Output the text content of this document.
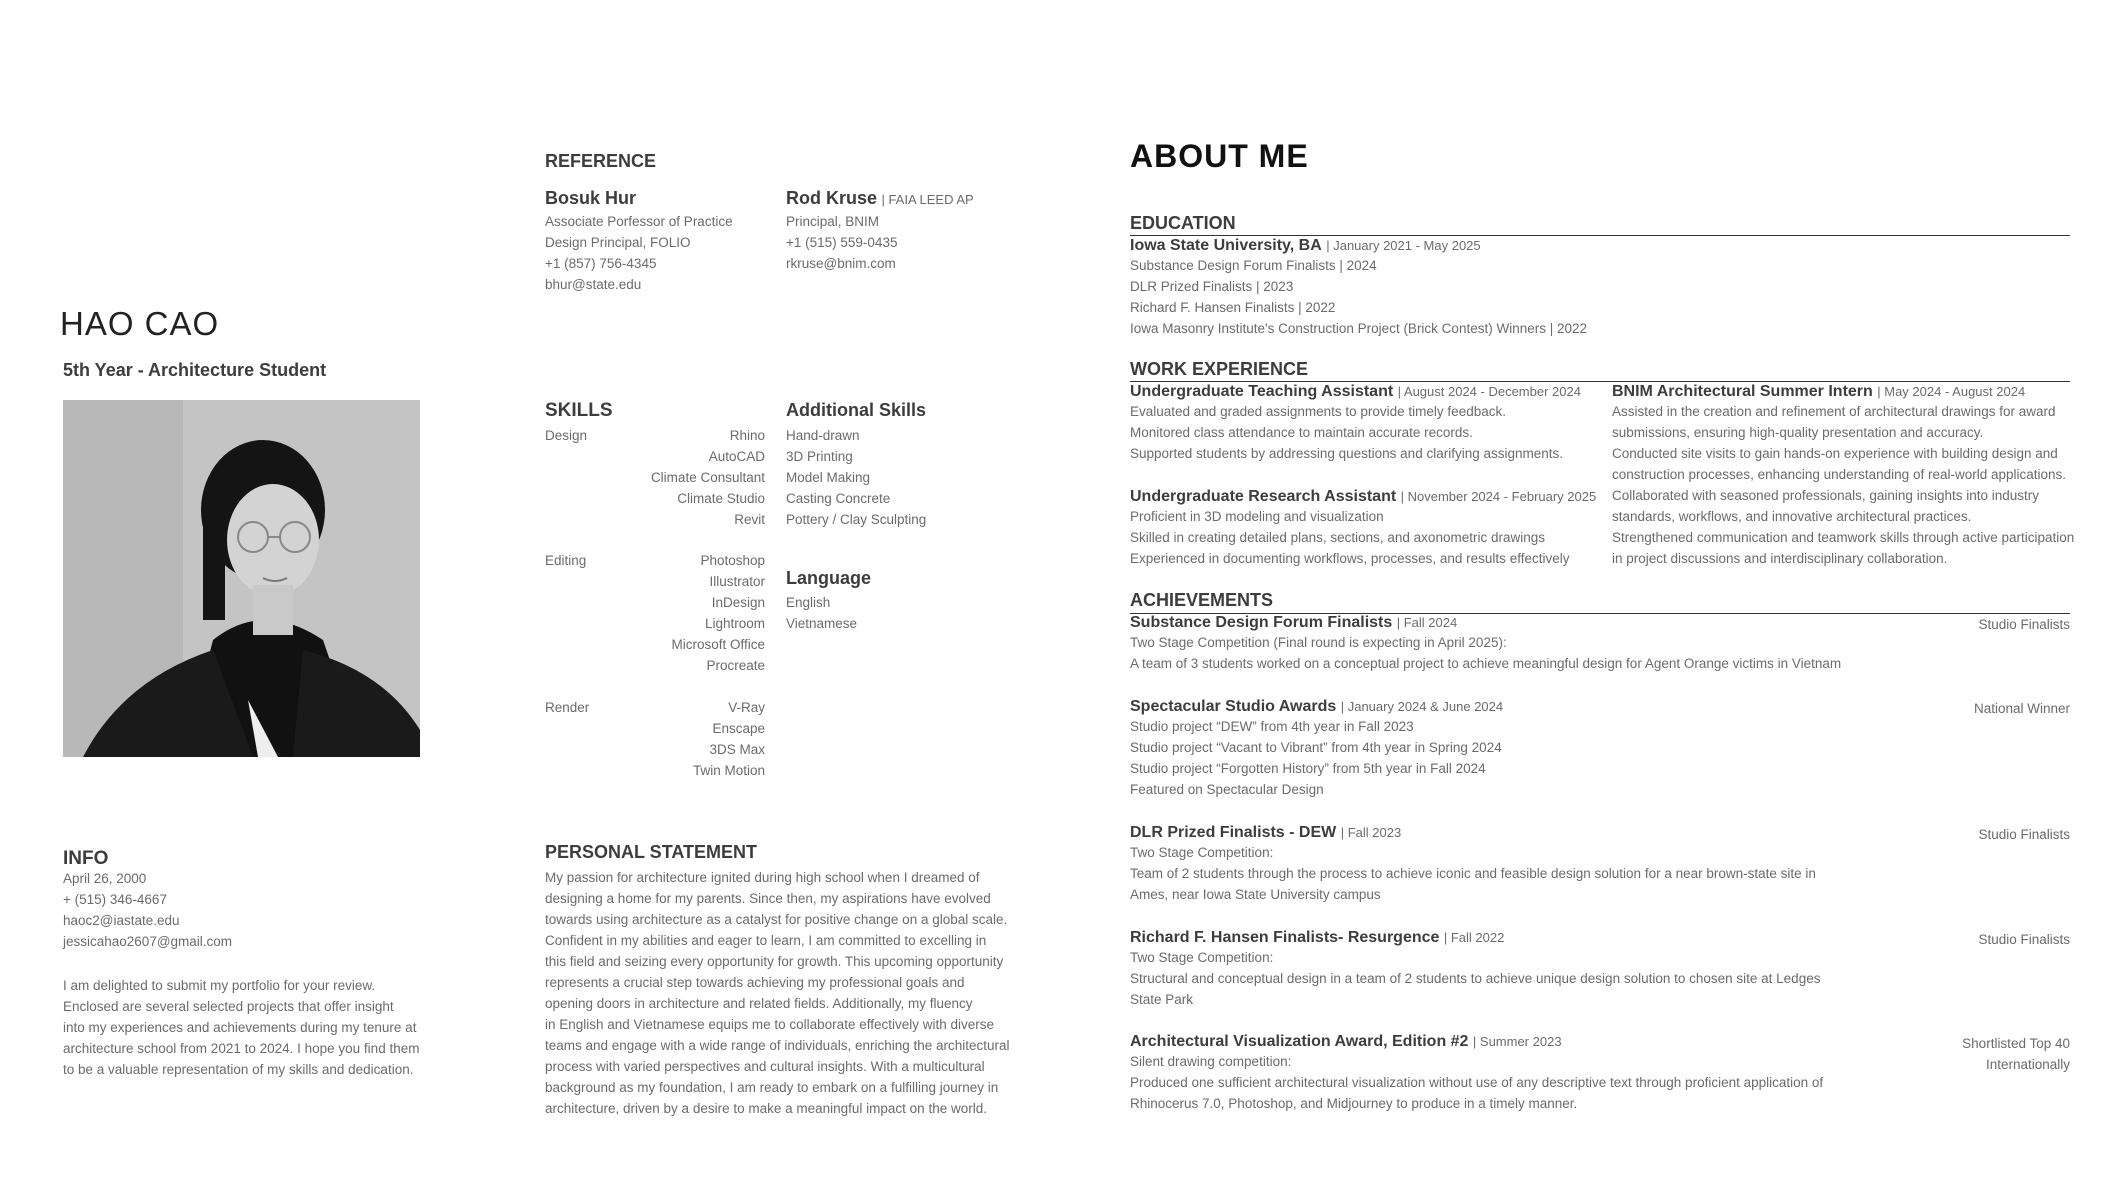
HAO CAO
5th Year - Architecture Student
INFO
April 26, 2000
+ (515) 346-4667
haoc2@iastate.edu
jessicahao2607@gmail.com
I am delighted to submit my portfolio for your review.
Enclosed are several selected projects that offer insight
into my experiences and achievements during my tenure at
architecture school from 2021 to 2024. I hope you find them
to be a valuable representation of my skills and dedication.
REFERENCE
Bosuk Hur
Associate Porfessor of Practice
Design Principal, FOLIO
+1 (857) 756-4345
bhur@state.edu
Rod Kruse | FAIA LEED AP
Principal, BNIM
+1 (515) 559-0435
rkruse@bnim.com
SKILLS
Design	Rhino
AutoCAD
Climate Consultant
Climate Studio
Revit
Editing	Photoshop
Illustrator
InDesign
Lightroom
Microsoft Office
Procreate
Render	V-Ray
Enscape
3DS Max
Twin Motion
Additional Skills
Hand-drawn
3D Printing
Model Making
Casting Concrete
Pottery / Clay Sculpting
Language
English
Vietnamese
PERSONAL STATEMENT
My passion for architecture ignited during high school when I dreamed of
designing a home for my parents. Since then, my aspirations have evolved
towards using architecture as a catalyst for positive change on a global scale.
Confident in my abilities and eager to learn, I am committed to excelling in
this field and seizing every opportunity for growth. This upcoming opportunity
represents a crucial step towards achieving my professional goals and
opening doors in architecture and related fields. Additionally, my fluency
in English and Vietnamese equips me to collaborate effectively with diverse
teams and engage with a wide range of individuals, enriching the architectural
process with varied perspectives and cultural insights. With a multicultural
background as my foundation, I am ready to embark on a fulfilling journey in
architecture, driven by a desire to make a meaningful impact on the world.
ABOUT ME
EDUCATION
Iowa State University, BA | January 2021 - May 2025
Substance Design Forum Finalists | 2024
DLR Prized Finalists | 2023
Richard F. Hansen Finalists | 2022
Iowa Masonry Institute's Construction Project (Brick Contest) Winners | 2022
WORK EXPERIENCE
Undergraduate Teaching Assistant | August 2024 - December 2024
Evaluated and graded assignments to provide timely feedback.
Monitored class attendance to maintain accurate records.
Supported students by addressing questions and clarifying assignments.
Undergraduate Research Assistant | November 2024 - February 2025
Proficient in 3D modeling and visualization
Skilled in creating detailed plans, sections, and axonometric drawings
Experienced in documenting workflows, processes, and results effectively
BNIM Architectural Summer Intern | May 2024 - August 2024
Assisted in the creation and refinement of architectural drawings for award
submissions, ensuring high-quality presentation and accuracy.
Conducted site visits to gain hands-on experience with building design and
construction processes, enhancing understanding of real-world applications.
Collaborated with seasoned professionals, gaining insights into industry
standards, workflows, and innovative architectural practices.
Strengthened communication and teamwork skills through active participation
in project discussions and interdisciplinary collaboration.
ACHIEVEMENTS
Substance Design Forum Finalists | Fall 2024	Studio Finalists
Two Stage Competition (Final round is expecting in April 2025):
A team of 3 students worked on a conceptual project to achieve meaningful design for Agent Orange victims in Vietnam
Spectacular Studio Awards | January 2024 & June 2024	National Winner
Studio project “DEW” from 4th year in Fall 2023
Studio project “Vacant to Vibrant” from 4th year in Spring 2024
Studio project “Forgotten History” from 5th year in Fall 2024
Featured on Spectacular Design
DLR Prized Finalists - DEW | Fall 2023	Studio Finalists
Two Stage Competition:
Team of 2 students through the process to achieve iconic and feasible design solution for a near brown-state site in
Ames, near Iowa State University campus
Richard F. Hansen Finalists- Resurgence | Fall 2022	Studio Finalists
Two Stage Competition:
Structural and conceptual design in a team of 2 students to achieve unique design solution to chosen site at Ledges
State Park
Architectural Visualization Award, Edition #2 | Summer 2023	Shortlisted Top 40
Internationally
Silent drawing competition:
Produced one sufficient architectural visualization without use of any descriptive text through proficient application of
Rhinocerus 7.0, Photoshop, and Midjourney to produce in a timely manner.
